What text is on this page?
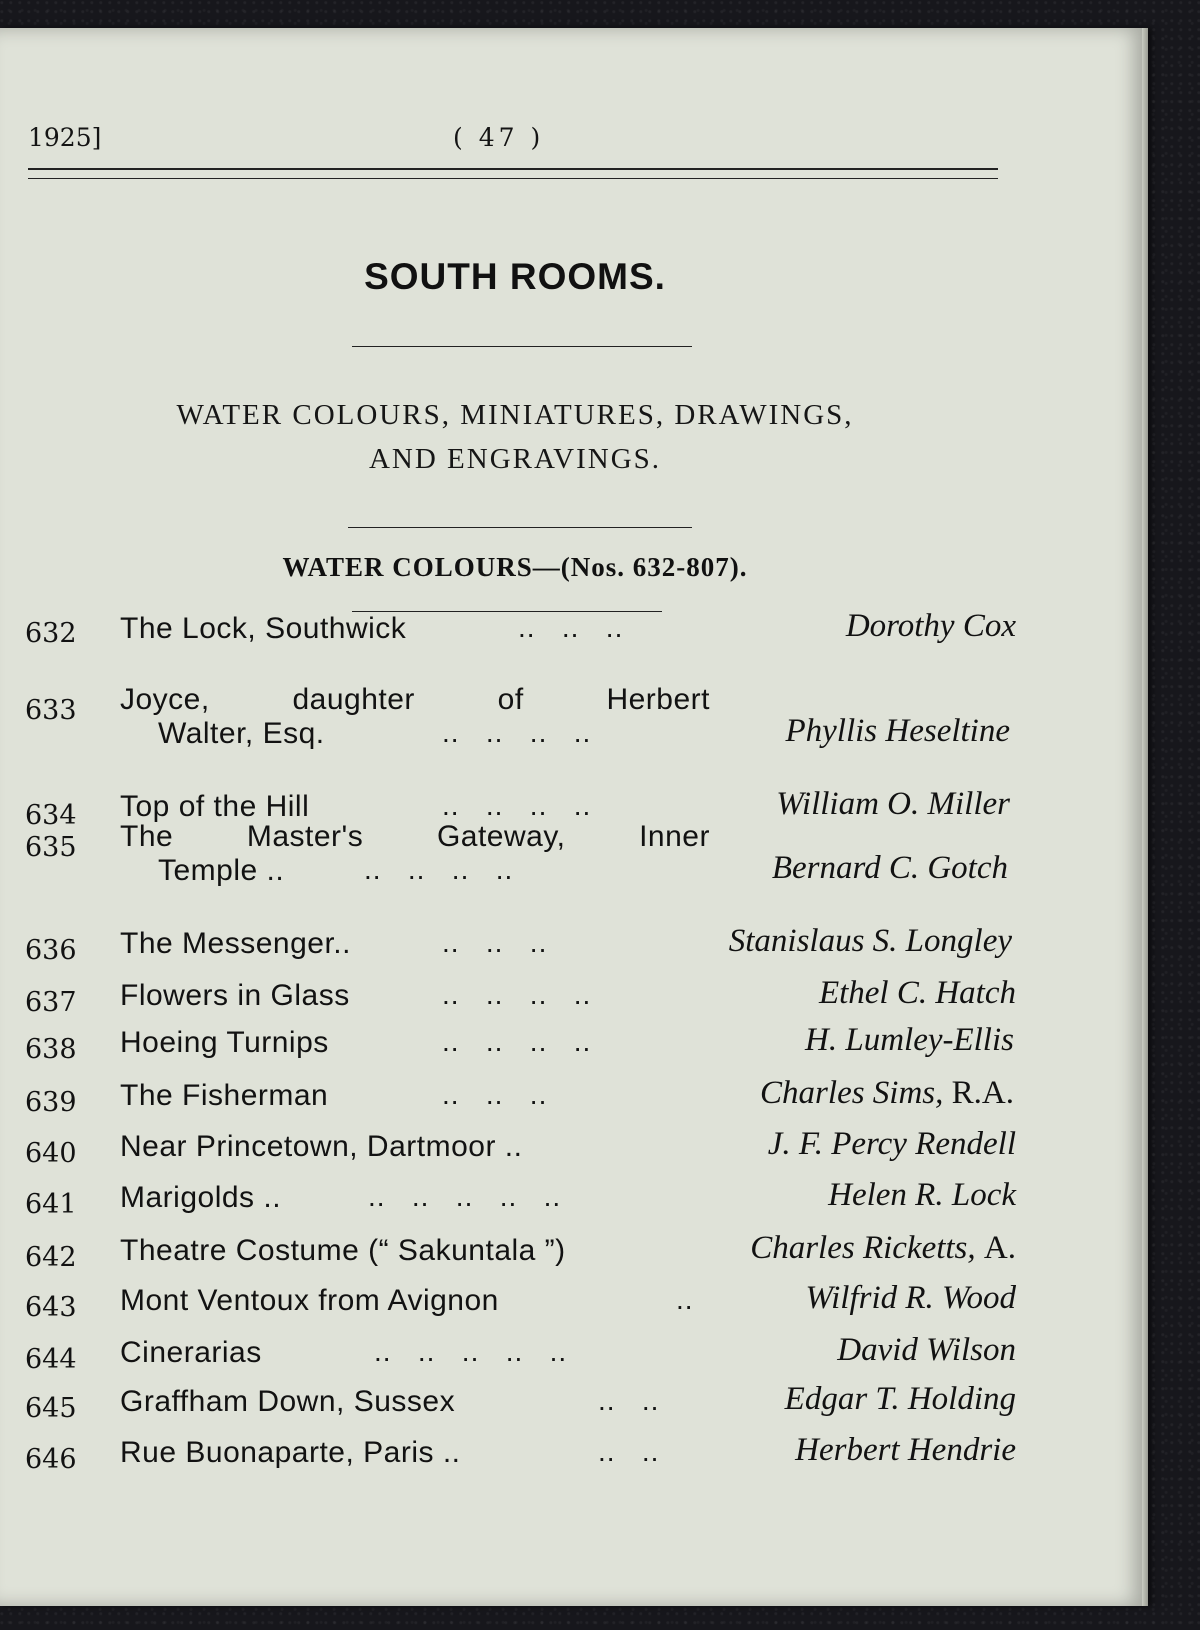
1925]	( 47 )
SOUTH ROOMS.
WATER COLOURS, MINIATURES, DRAWINGS,
AND ENGRAVINGS.
WATER COLOURS—(Nos. 632-807).
632 The Lock, Southwick	..   ..   ..	Dorothy Cox
633 Joyce,	daughter	of	Herbert
Walter, Esq.	..   ..   ..   ..	Phyllis Heseltine
634 Top of the Hill	..   ..   ..   ..	William O. Miller
635 The Master's Gateway, Inner
Temple ..	..   ..   ..   ..	Bernard C. Gotch
636 The Messenger..	..   ..   ..	Stanislaus S. Longley
637 Flowers in Glass	..   ..   ..   ..	Ethel C. Hatch
638 Hoeing Turnips	..   ..   ..   ..	H. Lumley-Ellis
639 The Fisherman	..   ..   ..	Charles Sims, R.A.
640 Near Princetown, Dartmoor ..	J. F. Percy Rendell
641 Marigolds ..	..   ..   ..   ..   ..	Helen R. Lock
642 Theatre Costume (“ Sakuntala ”)	Charles Ricketts, A.
643 Mont Ventoux from Avignon	..	Wilfrid R. Wood
644 Cinerarias	..   ..   ..   ..   ..	David Wilson
645 Graffham Down, Sussex	..   ..	Edgar T. Holding
646 Rue Buonaparte, Paris ..	..   ..	Herbert Hendrie
